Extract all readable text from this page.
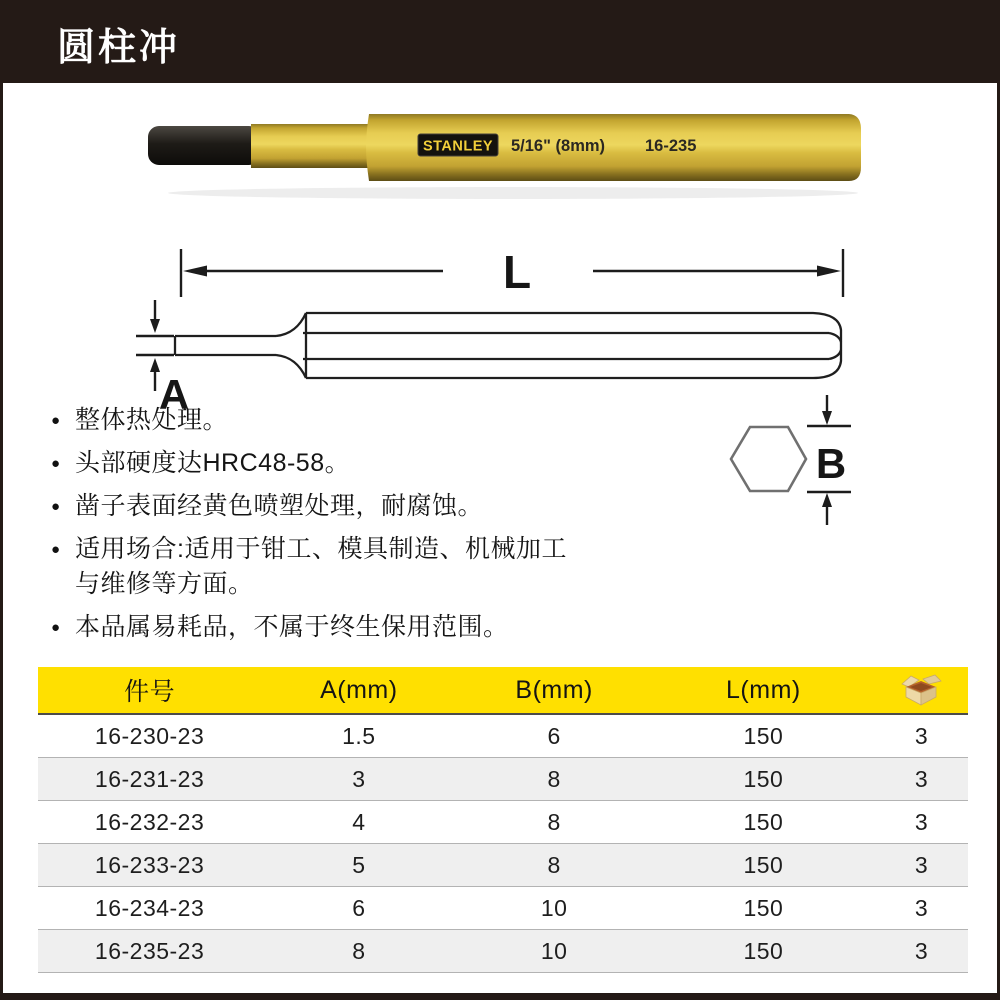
圆柱冲
STANLEY 5/16" (8mm) 16-235
L
A
B
● 整体热处理。
● 头部硬度达HRC48-58。
● 凿子表面经黄色喷塑处理，耐腐蚀。
● 适用场合:适用于钳工、模具制造、机械加工与维修等方面。
● 本品属易耗品，不属于终生保用范围。
件号	A(mm)	B(mm)	L(mm)
16-230-23	1.5	6	150	3
16-231-23	3	8	150	3
16-232-23	4	8	150	3
16-233-23	5	8	150	3
16-234-23	6	10	150	3
16-235-23	8	10	150	3
